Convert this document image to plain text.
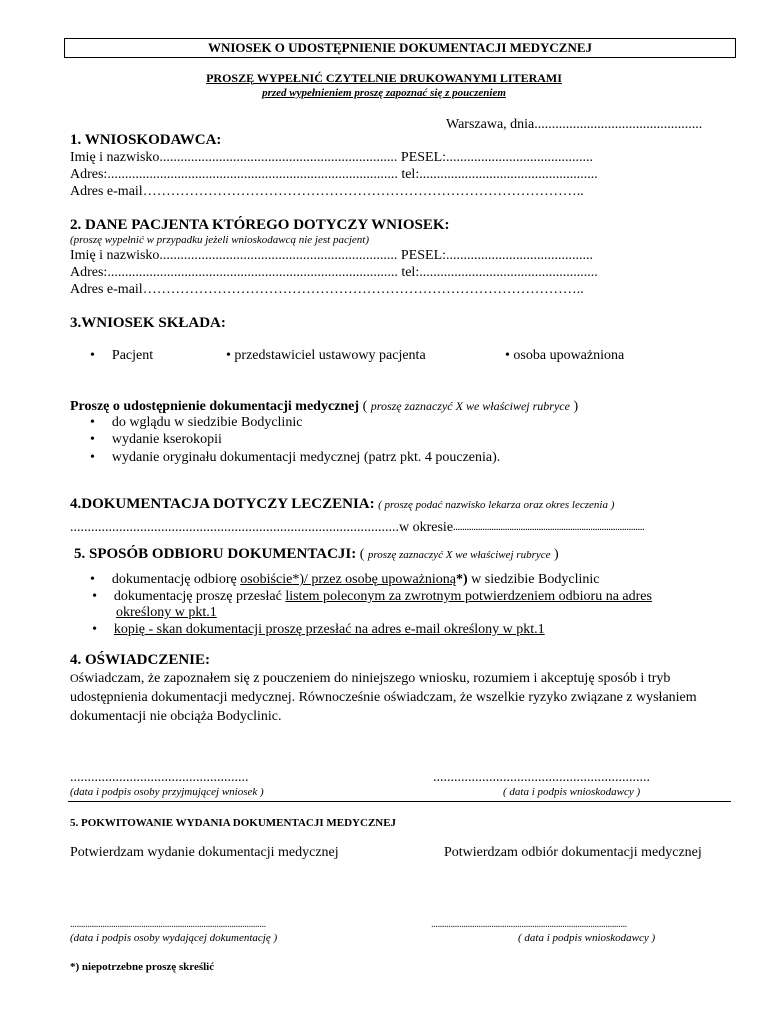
WNIOSEK O UDOSTĘPNIENIE DOKUMENTACJI MEDYCZNEJ
PROSZĘ WYPEŁNIĆ CZYTELNIE DRUKOWANYMI LITERAMI
przed wypełnieniem proszę zapoznać się z pouczeniem
Warszawa, dnia................................................
1. WNIOSKODAWCA:
Imię i nazwisko.................................................................... PESEL:..........................................
Adres:................................................................................... tel:...................................................
Adres e-mail…………………………………………………………………………………..
2. DANE PACJENTA KTÓREGO DOTYCZY WNIOSEK:
(proszę wypełnić w przypadku jeżeli wnioskodawcą nie jest pacjent)
Imię i nazwisko.................................................................... PESEL:..........................................
Adres:................................................................................... tel:...................................................
Adres e-mail…………………………………………………………………………………..
3.WNIOSEK SKŁADA:
• Pacjent	• przedstawiciel ustawowy pacjenta	• osoba upoważniona
Proszę o udostępnienie dokumentacji medycznej ( proszę zaznaczyć X we właściwej rubryce )
• do wglądu w siedzibie Bodyclinic
• wydanie kserokopii
• wydanie oryginału dokumentacji medycznej (patrz pkt. 4 pouczenia).
4.DOKUMENTACJA DOTYCZY LECZENIA: ( proszę podać nazwisko lekarza oraz okres leczenia )
..............................................................................................w okresie.....................................................................................
5. SPOSÓB ODBIORU DOKUMENTACJI: ( proszę zaznaczyć X we właściwej rubryce )
• dokumentację odbiorę osobiście*)/ przez osobę upoważnioną*) w siedzibie Bodyclinic
• dokumentację proszę przesłać listem poleconym za zwrotnym potwierdzeniem odbioru na adres
określony w pkt.1
• kopię - skan dokumentacji proszę przesłać na adres e-mail określony w pkt.1
4. OŚWIADCZENIE:
Oświadczam, że zapoznałem się z pouczeniem do niniejszego wniosku, rozumiem i akceptuję sposób i tryb udostępnienia dokumentacji medycznej. Równocześnie oświadczam, że wszelkie ryzyko związane z wysłaniem dokumentacji nie obciąża Bodyclinic.
...................................................	..............................................................
(data i podpis osoby przyjmującej wniosek )	( data i podpis wnioskodawcy )
5. POKWITOWANIE WYDANIA DOKUMENTACJI MEDYCZNEJ
Potwierdzam wydanie dokumentacji medycznej	Potwierdzam odbiór dokumentacji medycznej
...........................................................................................	...........................................................................................
(data i podpis osoby wydającej dokumentację )	( data i podpis wnioskodawcy )
*) niepotrzebne proszę skreślić
